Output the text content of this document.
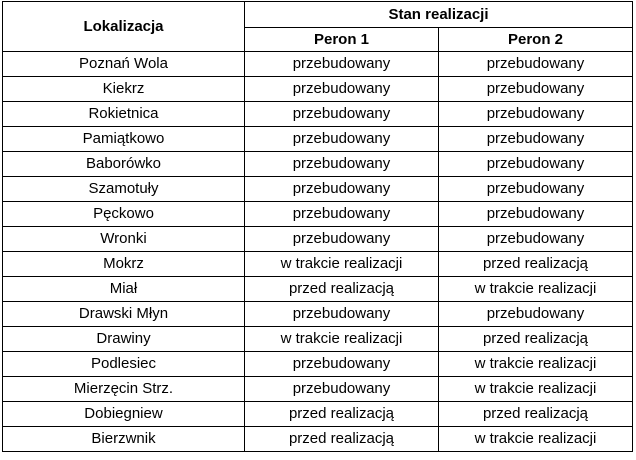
Lokalizacja	Stan realizacji	
	Peron 1	Peron 2
Poznań Wola	przebudowany	przebudowany
Kiekrz	przebudowany	przebudowany
Rokietnica	przebudowany	przebudowany
Pamiątkowo	przebudowany	przebudowany
Baborówko	przebudowany	przebudowany
Szamotuły	przebudowany	przebudowany
Pęckowo	przebudowany	przebudowany
Wronki	przebudowany	przebudowany
Mokrz	w trakcie realizacji	przed realizacją
Miał	przed realizacją	w trakcie realizacji
Drawski Młyn	przebudowany	przebudowany
Drawiny	w trakcie realizacji	przed realizacją
Podlesiec	przebudowany	w trakcie realizacji
Mierzęcin Strz.	przebudowany	w trakcie realizacji
Dobiegniew	przed realizacją	przed realizacją
Bierzwnik	przed realizacją	w trakcie realizacji
